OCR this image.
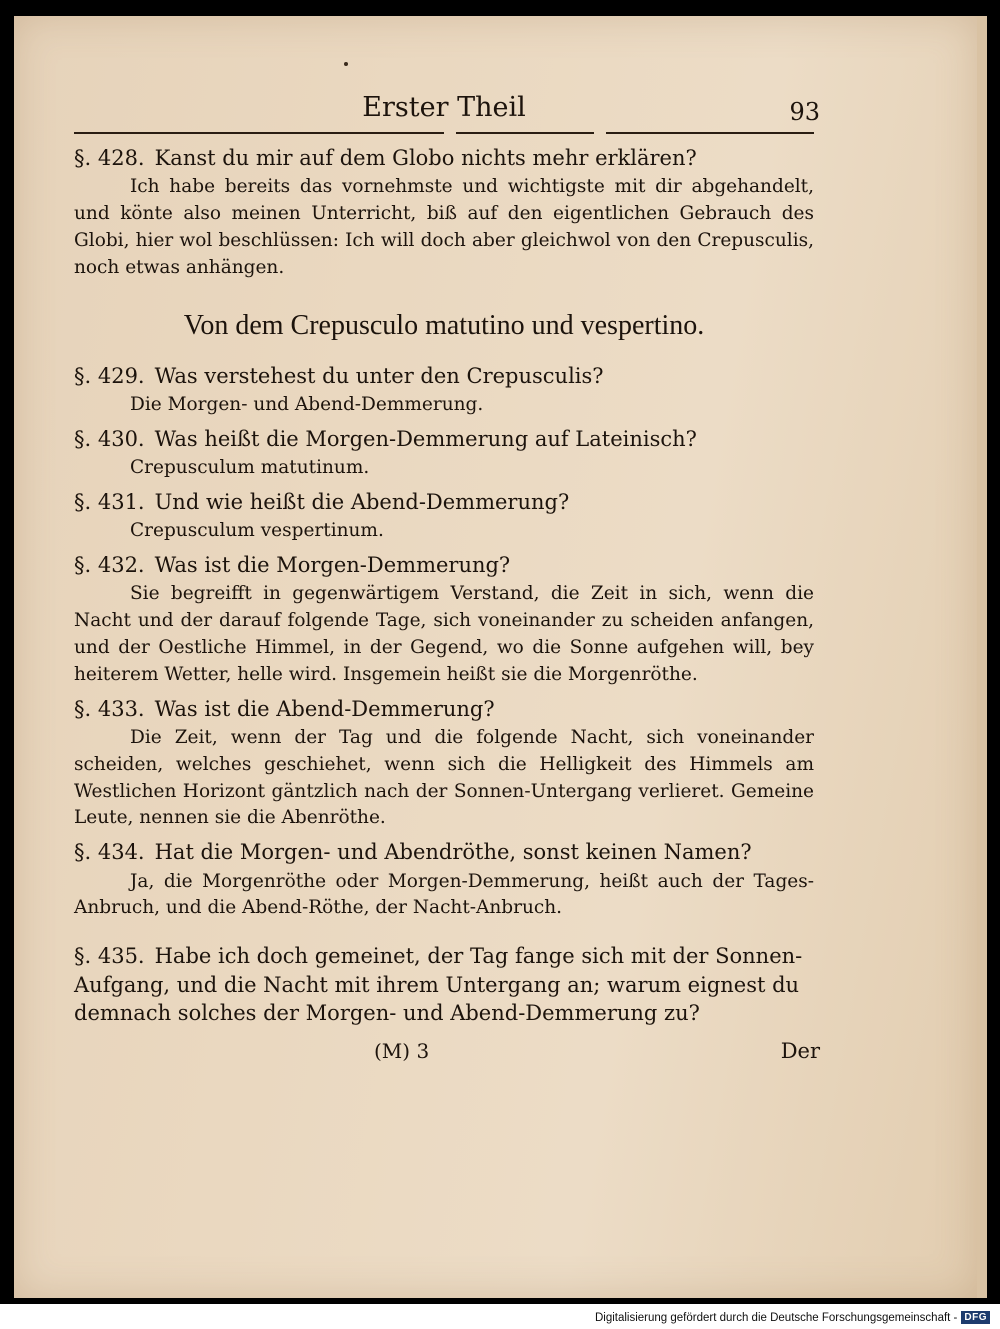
Erster Theil	93
§. 428. Kanst du mir auf dem Globo nichts mehr erklären?

Ich habe bereits das vornehmste und wichtigste mit dir abgehandelt, und könte also meinen Unterricht, biß auf den eigentlichen Gebrauch des Globi, hier wol beschlüssen: Ich will doch aber gleichwol von den Crepusculis, noch etwas anhängen.

Von dem Crepusculo matutino und vespertino.
§. 429. Was verstehest du unter den Crepusculis?
Die Morgen- und Abend-Demmerung.
§. 430. Was heißt die Morgen-Demmerung auf Lateinisch?
Crepusculum matutinum.
§. 431. Und wie heißt die Abend-Demmerung?
Crepusculum vespertinum.
§. 432. Was ist die Morgen-Demmerung?

Sie begreifft in gegenwärtigem Verstand, die Zeit in sich, wenn die Nacht und der darauf folgende Tage, sich voneinander zu scheiden anfangen, und der Oestliche Himmel, in der Gegend, wo die Sonne aufgehen will, bey heiterem Wetter, helle wird. Insgemein heißt sie die Morgenröthe.

§. 433. Was ist die Abend-Demmerung?

Die Zeit, wenn der Tag und die folgende Nacht, sich voneinander scheiden, welches geschiehet, wenn sich die Helligkeit des Himmels am Westlichen Horizont gäntzlich nach der Sonnen-Untergang verlieret. Gemeine Leute, nennen sie die Abenröthe.

§. 434. Hat die Morgen- und Abendröthe, sonst keinen Namen?

Ja, die Morgenröthe oder Morgen-Demmerung, heißt auch der Tages-Anbruch, und die Abend-Röthe, der Nacht-Anbruch.

§. 435. Habe ich doch gemeinet, der Tag fange sich mit der Sonnen-Aufgang, und die Nacht mit ihrem Untergang an; warum eignest du demnach solches der Morgen- und Abend-Demmerung zu?
(M) 3	Der
Digitalisierung gefördert durch die Deutsche Forschungsgemeinschaft - DFG
